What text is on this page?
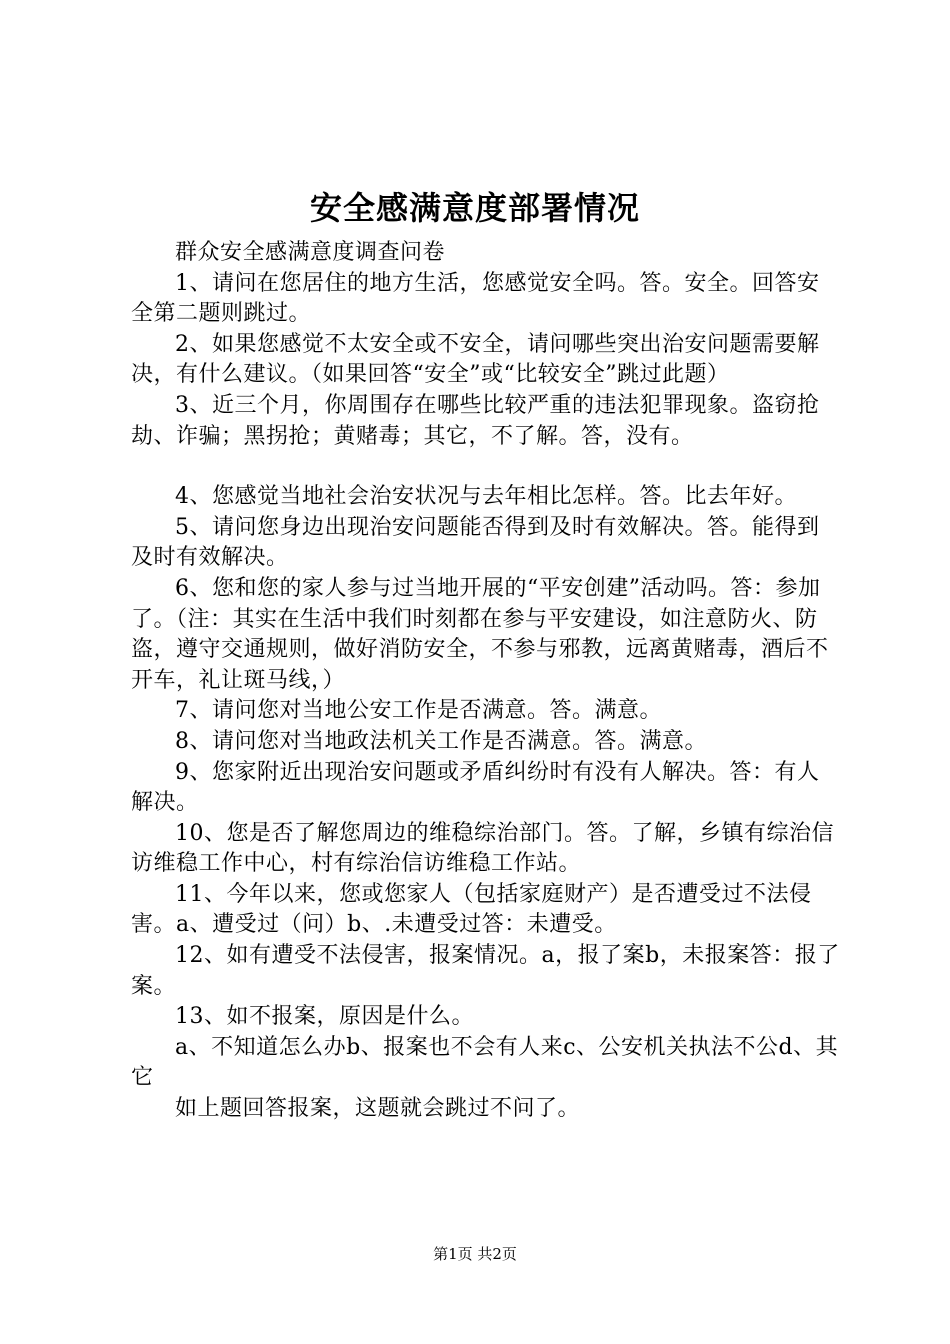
安全感满意度部署情况

群众安全感满意度调查问卷

1、请问在您居住的地方生活，您感觉安全吗。答。安全。回答安全第二题则跳过。

2、如果您感觉不太安全或不安全，请问哪些突出治安问题需要解决，有什么建议。（如果回答“安全”或“比较安全”跳过此题）

3、近三个月，你周围存在哪些比较严重的违法犯罪现象。盗窃抢劫、诈骗；黑拐抢；黄赌毒；其它，不了解。答，没有。

4、您感觉当地社会治安状况与去年相比怎样。答。比去年好。

5、请问您身边出现治安问题能否得到及时有效解决。答。能得到及时有效解决。

6、您和您的家人参与过当地开展的“平安创建”活动吗。答：参加了。（注：其实在生活中我们时刻都在参与平安建设，如注意防火、防盗，遵守交通规则，做好消防安全，不参与邪教，远离黄赌毒，酒后不开车，礼让斑马线，）

7、请问您对当地公安工作是否满意。答。满意。

8、请问您对当地政法机关工作是否满意。答。满意。

9、您家附近出现治安问题或矛盾纠纷时有没有人解决。答：有人解决。

10、您是否了解您周边的维稳综治部门。答。了解，乡镇有综治信访维稳工作中心，村有综治信访维稳工作站。

11、今年以来，您或您家人（包括家庭财产）是否遭受过不法侵害。a、遭受过（问）b、.未遭受过答：未遭受。

12、如有遭受不法侵害，报案情况。a，报了案b，未报案答：报了案。

13、如不报案，原因是什么。

a、不知道怎么办b、报案也不会有人来c、公安机关执法不公d、其它

如上题回答报案，这题就会跳过不问了。

第1页 共2页
